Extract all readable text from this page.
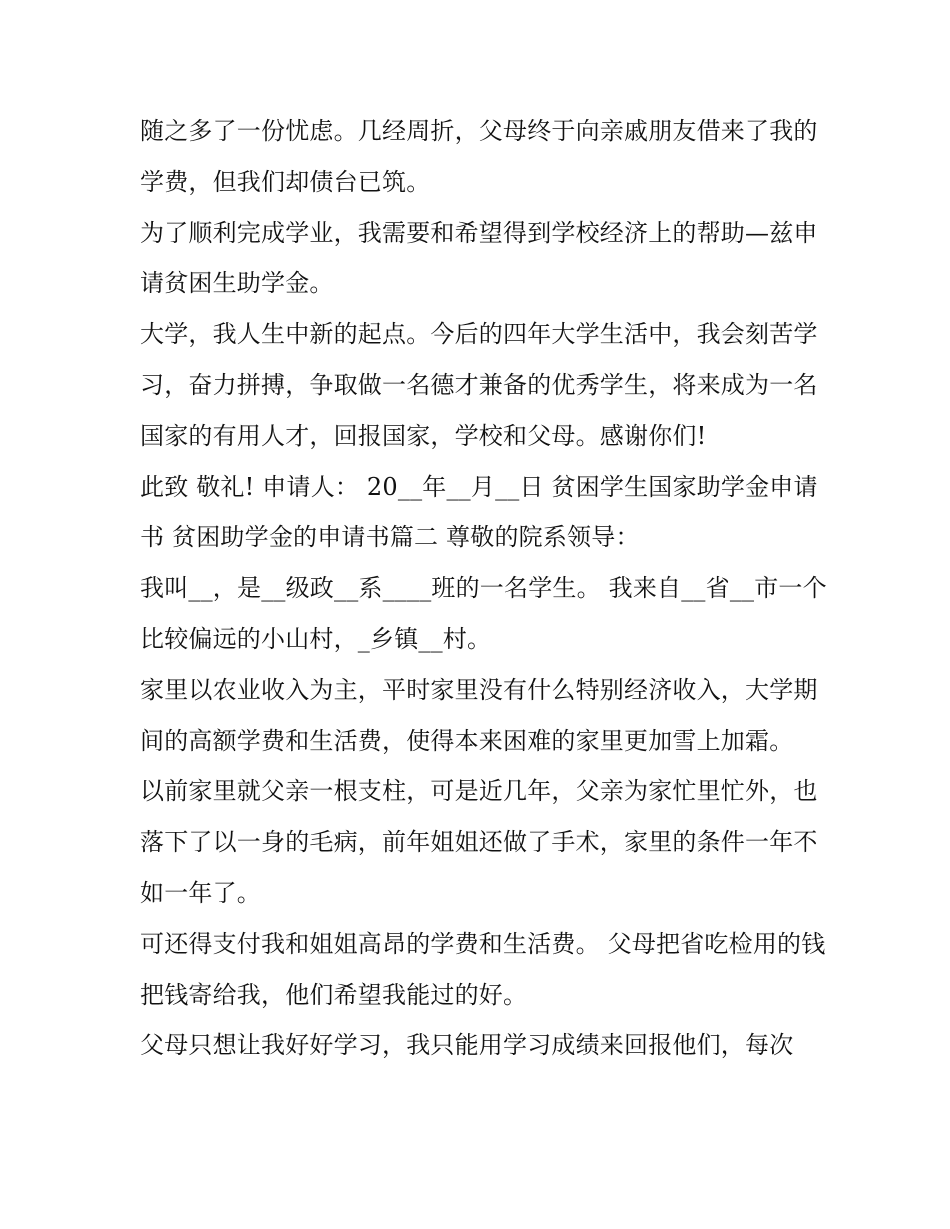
随之多了一份忧虑。几经周折，父母终于向亲戚朋友借来了我的学费，但我们却债台已筑。

为了顺利完成学业，我需要和希望得到学校经济上的帮助—兹申请贫困生助学金。

大学，我人生中新的起点。今后的四年大学生活中，我会刻苦学习，奋力拼搏，争取做一名德才兼备的优秀学生，将来成为一名国家的有用人才，回报国家，学校和父母。感谢你们!

此致 敬礼! 申请人： 20__年__月__日 贫困学生国家助学金申请书 贫困助学金的申请书篇二 尊敬的院系领导：

我叫__，是__级政__系____班的一名学生。 我来自__省__市一个比较偏远的小山村，_乡镇__村。

家里以农业收入为主，平时家里没有什么特别经济收入，大学期间的高额学费和生活费，使得本来困难的家里更加雪上加霜。

以前家里就父亲一根支柱，可是近几年，父亲为家忙里忙外，也落下了以一身的毛病，前年姐姐还做了手术，家里的条件一年不如一年了。

可还得支付我和姐姐高昂的学费和生活费。 父母把省吃检用的钱把钱寄给我，他们希望我能过的好。

父母只想让我好好学习，我只能用学习成绩来回报他们，每次
